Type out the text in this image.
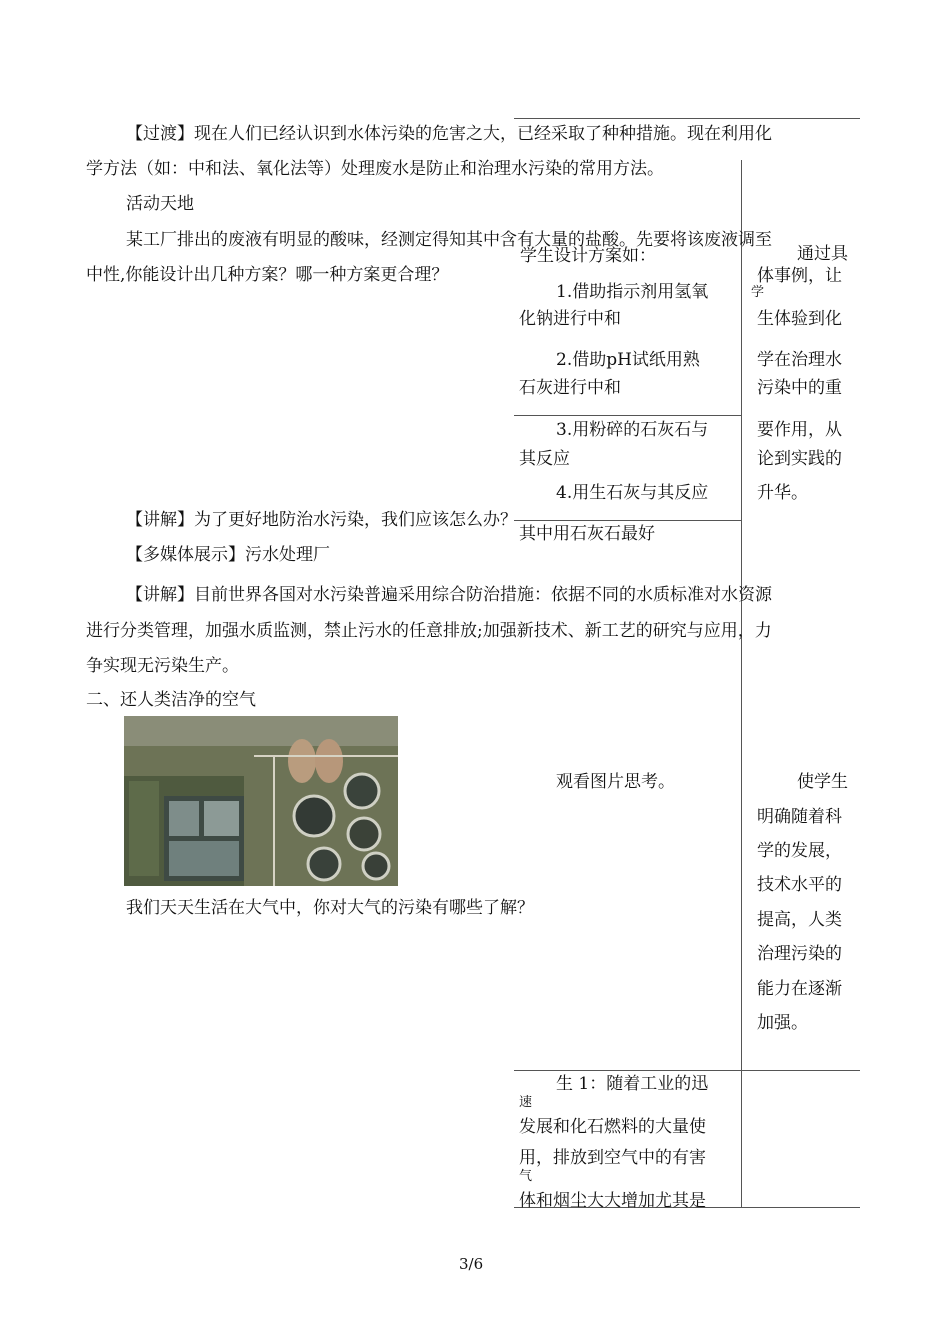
【过渡】现在人们已经认识到水体污染的危害之大，已经采取了种种措施。现在利用化
学方法（如：中和法、氧化法等）处理废水是防止和治理水污染的常用方法。
活动天地
某工厂排出的废液有明显的酸味，经测定得知其中含有大量的盐酸。先要将该废液调至
中性,你能设计出几种方案？哪一种方案更合理？
学生设计方案如：
1.借助指示剂用氢氧
化钠进行中和
2.借助pH试纸用熟
石灰进行中和
3.用粉碎的石灰石与
其反应
4.用生石灰与其反应
其中用石灰石最好
通过具
体事例，让
学
生体验到化
学在治理水
污染中的重
要作用，从
论到实践的
升华。
【讲解】为了更好地防治水污染，我们应该怎么办？
【多媒体展示】污水处理厂
【讲解】目前世界各国对水污染普遍采用综合防治措施：依据不同的水质标准对水资源
进行分类管理，加强水质监测，禁止污水的任意排放;加强新技术、新工艺的研究与应用，力
争实现无污染生产。
二、还人类洁净的空气
观看图片思考。	使学生
明确随着科
学的发展，
技术水平的
提高，人类
治理污染的
能力在逐渐
加强。
我们天天生活在大气中，你对大气的污染有哪些了解？
生 1：随着工业的迅
速
发展和化石燃料的大量使
用，排放到空气中的有害
气
体和烟尘大大增加尤其是
3/6
